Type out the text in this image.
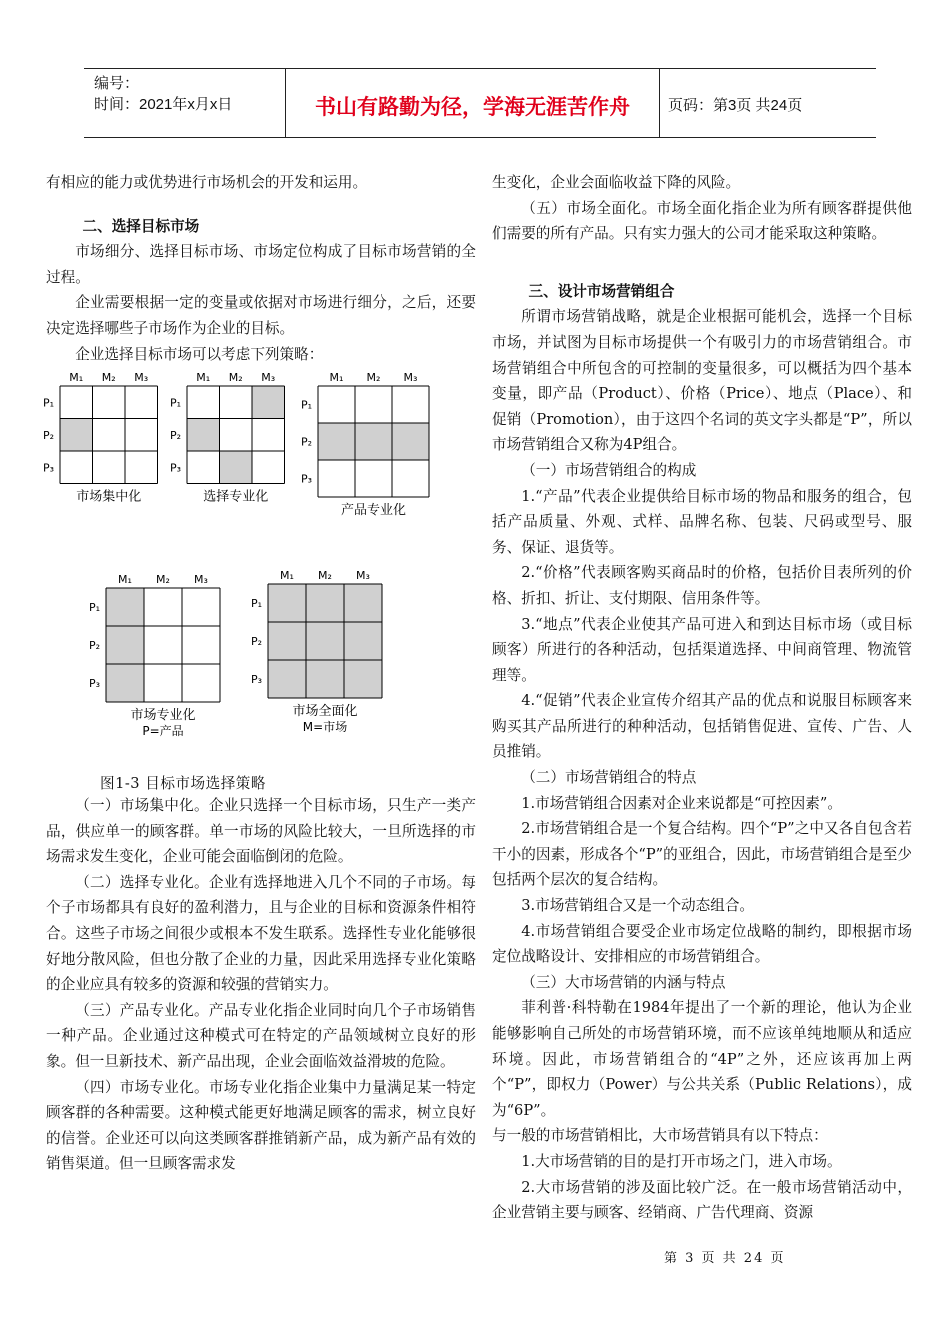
编号：
时间：2021年x月x日	书山有路勤为径，学海无涯苦作舟	页码：第3页 共24页

有相应的能力或优势进行市场机会的开发和运用。

二、选择目标市场

市场细分、选择目标市场、市场定位构成了目标市场营销的全过程。

企业需要根据一定的变量或依据对市场进行细分，之后，还要决定选择哪些子市场作为企业的目标。

企业选择目标市场可以考虑下列策略：

M₁ M₂ M₃
P₁
P₂
P₃
市场集中化
M₁ M₂ M₃
P₁
P₂
P₃
选择专业化
M₁ M₂ M₃
P₁
P₂
P₃
产品专业化
M₁ M₂ M₃
P₁
P₂
P₃
市场专业化
P=产品
M₁ M₂ M₃
P₁
P₂
P₃
市场全面化
M=市场
图1-3 目标市场选择策略

（一）市场集中化。企业只选择一个目标市场，只生产一类产品，供应单一的顾客群。单一市场的风险比较大，一旦所选择的市场需求发生变化，企业可能会面临倒闭的危险。

（二）选择专业化。企业有选择地进入几个不同的子市场。每个子市场都具有良好的盈利潜力，且与企业的目标和资源条件相符合。这些子市场之间很少或根本不发生联系。选择性专业化能够很好地分散风险，但也分散了企业的力量，因此采用选择专业化策略的企业应具有较多的资源和较强的营销实力。

（三）产品专业化。产品专业化指企业同时向几个子市场销售一种产品。企业通过这种模式可在特定的产品领域树立良好的形象。但一旦新技术、新产品出现，企业会面临效益滑坡的危险。

（四）市场专业化。市场专业化指企业集中力量满足某一特定顾客群的各种需要。这种模式能更好地满足顾客的需求，树立良好的信誉。企业还可以向这类顾客群推销新产品，成为新产品有效的销售渠道。但一旦顾客需求发

生变化，企业会面临收益下降的风险。

（五）市场全面化。市场全面化指企业为所有顾客群提供他们需要的所有产品。只有实力强大的公司才能采取这种策略。

三、设计市场营销组合

所谓市场营销战略，就是企业根据可能机会，选择一个目标市场，并试图为目标市场提供一个有吸引力的市场营销组合。市场营销组合中所包含的可控制的变量很多，可以概括为四个基本变量，即产品（Product）、价格（Price）、地点（Place）、和促销（Promotion），由于这四个名词的英文字头都是“P”，所以市场营销组合又称为4P组合。

（一）市场营销组合的构成

1.“产品”代表企业提供给目标市场的物品和服务的组合，包括产品质量、外观、式样、品牌名称、包装、尺码或型号、服务、保证、退货等。

2.“价格”代表顾客购买商品时的价格，包括价目表所列的价格、折扣、折让、支付期限、信用条件等。

3.“地点”代表企业使其产品可进入和到达目标市场（或目标顾客）所进行的各种活动，包括渠道选择、中间商管理、物流管理等。

4.“促销”代表企业宣传介绍其产品的优点和说服目标顾客来购买其产品所进行的种种活动，包括销售促进、宣传、广告、人员推销。

（二）市场营销组合的特点

1.市场营销组合因素对企业来说都是“可控因素”。

2.市场营销组合是一个复合结构。四个“P”之中又各自包含若干小的因素，形成各个“P”的亚组合，因此，市场营销组合是至少包括两个层次的复合结构。

3.市场营销组合又是一个动态组合。

4.市场营销组合要受企业市场定位战略的制约，即根据市场定位战略设计、安排相应的市场营销组合。

（三）大市场营销的内涵与特点

菲利普·科特勒在1984年提出了一个新的理论，他认为企业能够影响自己所处的市场营销环境，而不应该单纯地顺从和适应环境。因此，市场营销组合的“4P”之外，还应该再加上两个“P”，即权力（Power）与公共关系（Public Relations），成为“6P”。

与一般的市场营销相比，大市场营销具有以下特点：

1.大市场营销的目的是打开市场之门，进入市场。

2.大市场营销的涉及面比较广泛。在一般市场营销活动中，企业营销主要与顾客、经销商、广告代理商、资源

第 3 页 共 24 页
